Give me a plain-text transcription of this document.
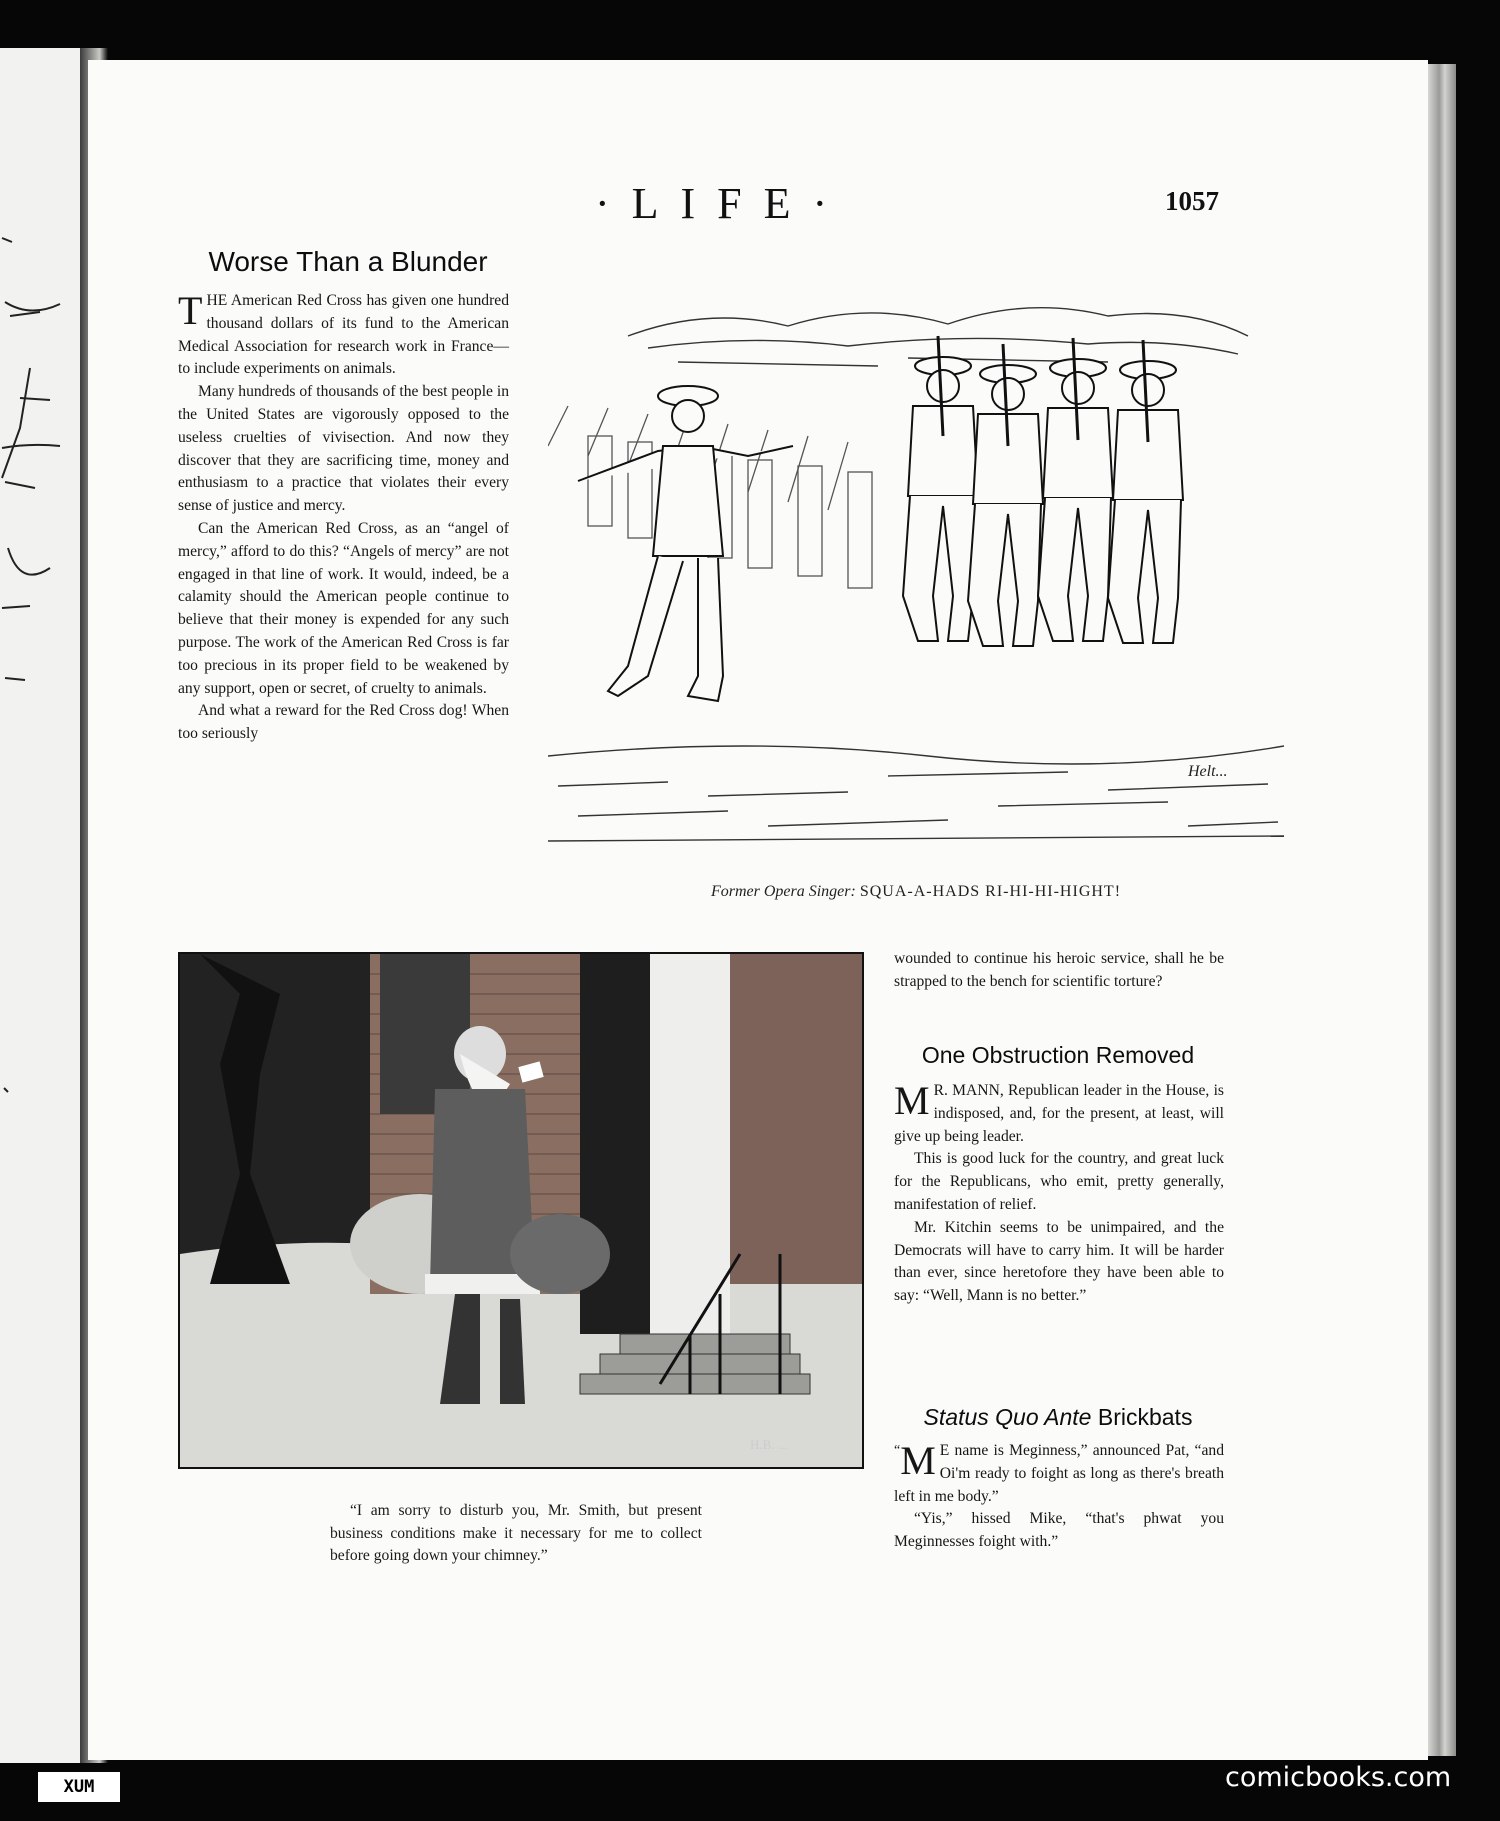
·LIFE·	1057
Worse Than a Blunder

THE American Red Cross has given one hundred thousand dollars of its fund to the American Medical Association for research work in France—to include experiments on animals.

Many hundreds of thousands of the best people in the United States are vigorously opposed to the useless cruelties of vivisection. And now they discover that they are sacrificing time, money and enthusiasm to a practice that violates their every sense of justice and mercy.

Can the American Red Cross, as an “angel of mercy,” afford to do this? “Angels of mercy” are not engaged in that line of work. It would, indeed, be a calamity should the American people continue to believe that their money is expended for any such purpose. The work of the American Red Cross is far too precious in its proper field to be weakened by any support, open or secret, of cruelty to animals.

And what a reward for the Red Cross dog! When too seriously

Helt...
Former Opera Singer: SQUA-A-HADS RI-HI-HI-HIGHT!
H.B. ...

“I am sorry to disturb you, Mr. Smith, but present business conditions make it necessary for me to collect before going down your chimney.”

wounded to continue his heroic service, shall he be strapped to the bench for scientific torture?

One Obstruction Removed

M R. MANN, Republican leader in the House, is indisposed, and, for the present, at least, will give up being leader.

This is good luck for the country, and great luck for the Republicans, who emit, pretty generally, manifestation of relief.

Mr. Kitchin seems to be unimpaired, and the Democrats will have to carry him. It will be harder than ever, since heretofore they have been able to say: “Well, Mann is no better.”

Status Quo Ante Brickbats

“ M E name is Meginness,” announced Pat, “and Oi'm ready to foight as long as there's breath left in me body.”

“Yis,” hissed Mike, “that's phwat you Meginnesses foight with.”

XUM	comicbooks.com
